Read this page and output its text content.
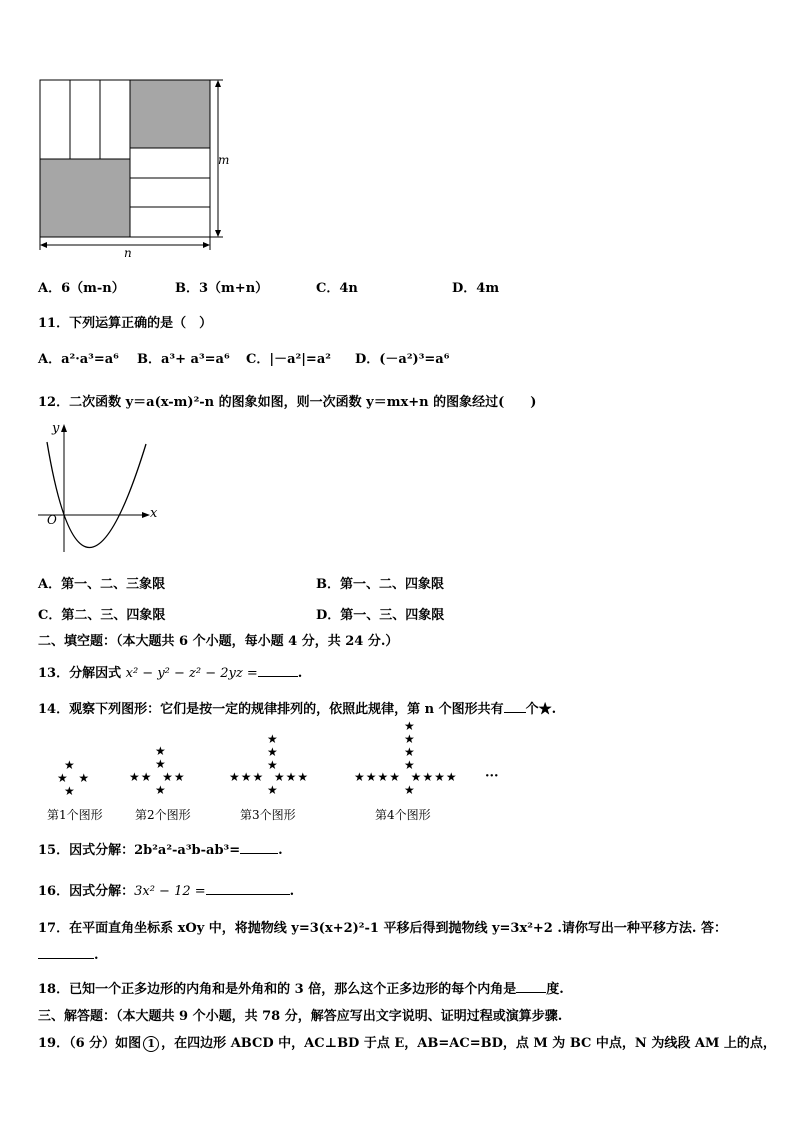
m
n
A．6（m-n）	B．3（m+n）	C．4n	D．4m
11．下列运算正确的是（　）
A．a²·a³=a⁶ B．a³+ a³=a⁶ C．|－a²|=a² D．(－a²)³=a⁶
12．二次函数 y＝a(x-m)²-n 的图象如图，则一次函数 y＝mx+n 的图象经过(　　)
y
x
O
A．第一、二、三象限	B．第一、二、四象限
C．第二、三、四象限	D．第一、三、四象限
二、填空题：（本大题共 6 个小题，每小题 4 分，共 24 分.）
13．分解因式 x² − y² − z² − 2yz =	.
14．观察下列图形：它们是按一定的规律排列的，依照此规律，第 n 个图形共有 个★.
★
★  ★
★
★
★
★★  ★★
★
★
★
★
★★★  ★★★
★
★
★
★
★
★★★★  ★★★★
★
···
第1个图形	第2个图形	第3个图形	第4个图形
15．因式分解：2b²a²-a³b-ab³=	.
16．因式分解：3x² − 12 =	.
17．在平面直角坐标系 xOy 中，将抛物线 y=3(x+2)²-1 平移后得到抛物线 y=3x²+2 .请你写出一种平移方法. 答：
.
18．已知一个正多边形的内角和是外角和的 3 倍，那么这个正多边形的每个内角是 度.
三、解答题：（本大题共 9 个小题，共 78 分，解答应写出文字说明、证明过程或演算步骤.
19．（6 分）如图 1 ，在四边形 ABCD 中，AC⊥BD 于点 E，AB=AC=BD，点 M 为 BC 中点，N 为线段 AM 上的点，
